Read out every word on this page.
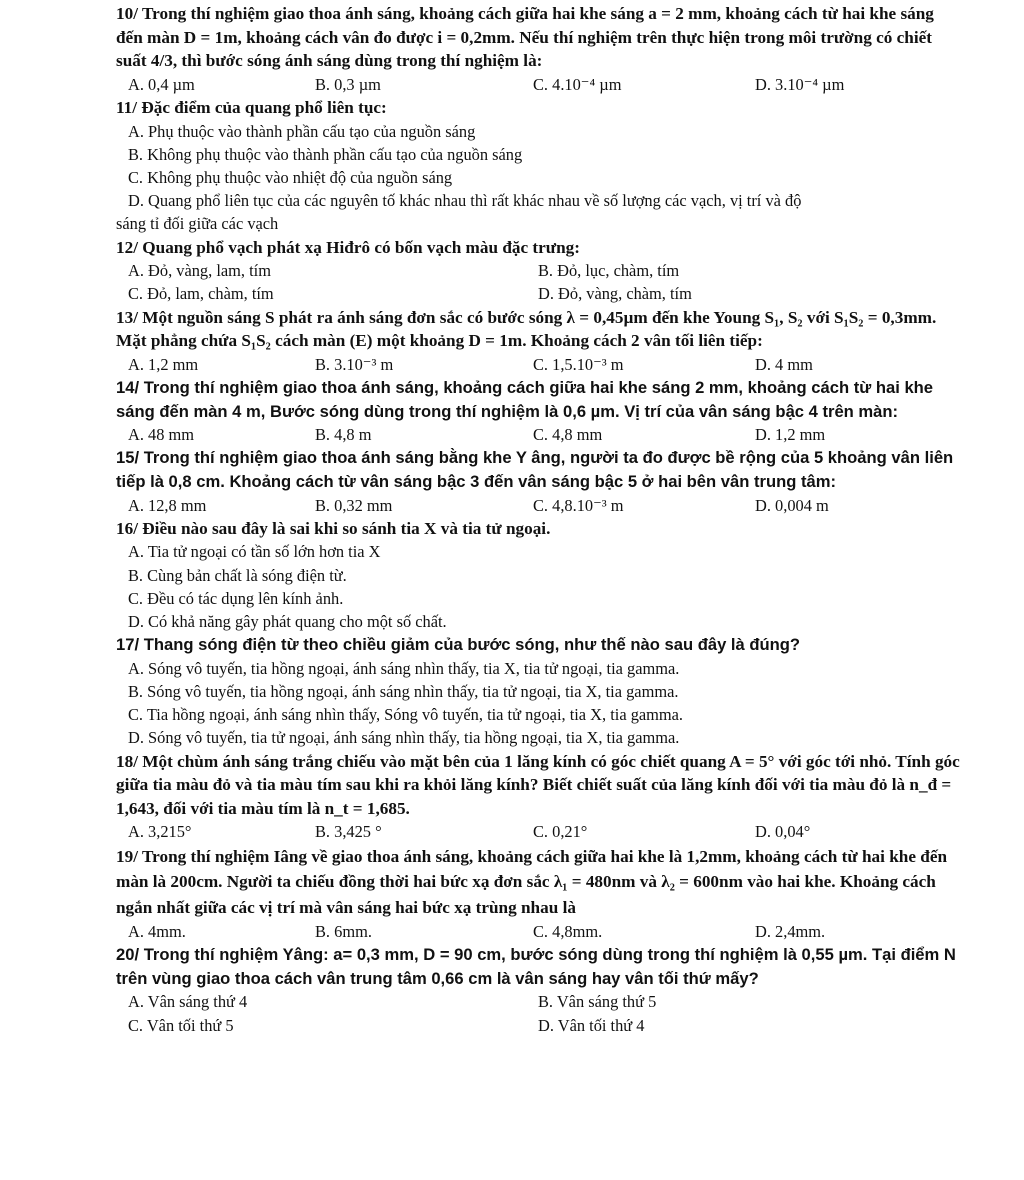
10/ Trong thí nghiệm giao thoa ánh sáng, khoảng cách giữa hai khe sáng a = 2 mm, khoảng cách từ hai khe sáng đến màn D = 1m, khoảng cách vân đo được i = 0,2mm. Nếu thí nghiệm trên thực hiện trong môi trường có chiết suất 4/3, thì bước sóng ánh sáng dùng trong thí nghiệm là:

A. 0,4 µm	B. 0,3 µm	C. 4.10⁻⁴ µm	D. 3.10⁻⁴ µm

11/ Đặc điểm của quang phổ liên tục:

A. Phụ thuộc vào thành phần cấu tạo của nguồn sáng
B. Không phụ thuộc vào thành phần cấu tạo của nguồn sáng
C. Không phụ thuộc vào nhiệt độ của nguồn sáng
D. Quang phổ liên tục của các nguyên tố khác nhau thì rất khác nhau về số lượng các vạch, vị trí và độ
sáng tỉ đối giữa các vạch

12/ Quang phổ vạch phát xạ Hiđrô có bốn vạch màu đặc trưng:

A. Đỏ, vàng, lam, tím	B. Đỏ, lục, chàm, tím
C. Đỏ, lam, chàm, tím	D. Đỏ, vàng, chàm, tím

13/ Một nguồn sáng S phát ra ánh sáng đơn sắc có bước sóng λ = 0,45µm đến khe Young S₁, S₂ với S₁S₂ = 0,3mm. Mặt phẳng chứa S₁S₂ cách màn (E) một khoảng D = 1m. Khoảng cách 2 vân tối liên tiếp:

A. 1,2 mm	B. 3.10⁻³ m	C. 1,5.10⁻³ m	D. 4 mm

14/ Trong thí nghiệm giao thoa ánh sáng, khoảng cách giữa hai khe sáng 2 mm, khoảng cách từ hai khe sáng đến màn 4 m, Bước sóng dùng trong thí nghiệm là 0,6 µm. Vị trí của vân sáng bậc 4 trên màn:

A. 48 mm	B. 4,8 m	C. 4,8 mm	D. 1,2 mm

15/ Trong thí nghiệm giao thoa ánh sáng bằng khe Y âng, người ta đo được bề rộng của 5 khoảng vân liên tiếp là 0,8 cm. Khoảng cách từ vân sáng bậc 3 đến vân sáng bậc 5 ở hai bên vân trung tâm:

A. 12,8 mm	B. 0,32 mm	C. 4,8.10⁻³ m	D. 0,004 m

16/ Điều nào sau đây là sai khi so sánh tia X và tia tử ngoại.

A. Tia tử ngoại có tần số lớn hơn tia X
B. Cùng bản chất là sóng điện từ.
C. Đều có tác dụng lên kính ảnh.
D. Có khả năng gây phát quang cho một số chất.

17/ Thang sóng điện từ theo chiều giảm của bước sóng, như thế nào sau đây là đúng?

A. Sóng vô tuyến, tia hồng ngoại, ánh sáng nhìn thấy, tia X, tia tử ngoại, tia gamma.
B. Sóng vô tuyến, tia hồng ngoại, ánh sáng nhìn thấy, tia tử ngoại, tia X, tia gamma.
C. Tia hồng ngoại, ánh sáng nhìn thấy, Sóng vô tuyến, tia tử ngoại, tia X, tia gamma.
D. Sóng vô tuyến, tia tử ngoại, ánh sáng nhìn thấy, tia hồng ngoại, tia X, tia gamma.

18/ Một chùm ánh sáng trắng chiếu vào mặt bên của 1 lăng kính có góc chiết quang A = 5° với góc tới nhỏ. Tính góc giữa tia màu đỏ và tia màu tím sau khi ra khỏi lăng kính? Biết chiết suất của lăng kính đối với tia màu đỏ là n_đ = 1,643, đối với tia màu tím là n_t = 1,685.

A. 3,215°	B. 3,425 °	C. 0,21°	D. 0,04°

19/ Trong thí nghiệm Iâng về giao thoa ánh sáng, khoảng cách giữa hai khe là 1,2mm, khoảng cách từ hai khe đến màn là 200cm. Người ta chiếu đồng thời hai bức xạ đơn sắc λ₁ = 480nm và λ₂ = 600nm vào hai khe. Khoảng cách ngắn nhất giữa các vị trí mà vân sáng hai bức xạ trùng nhau là

A. 4mm.	B. 6mm.	C. 4,8mm.	D. 2,4mm.

20/ Trong thí nghiệm Yâng: a= 0,3 mm, D = 90 cm, bước sóng dùng trong thí nghiệm là 0,55 µm. Tại điểm N trên vùng giao thoa cách vân trung tâm 0,66 cm là vân sáng hay vân tối thứ mấy?

A. Vân sáng thứ 4	B. Vân sáng thứ 5
C. Vân tối thứ 5	D. Vân tối thứ 4
